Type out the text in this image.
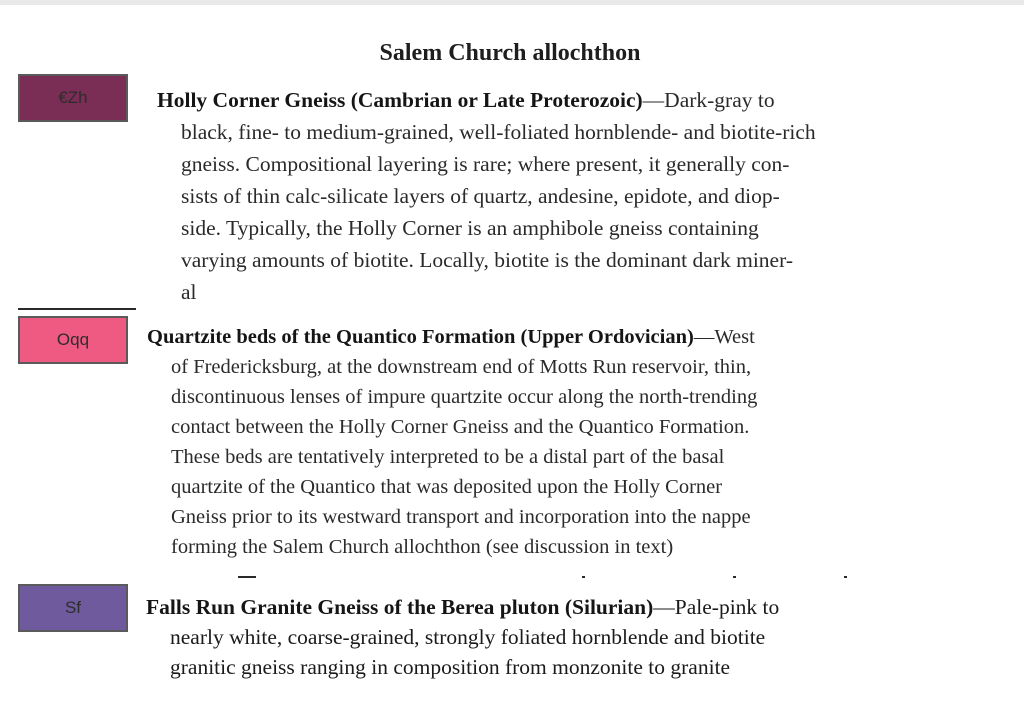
Salem Church allochthon
€Zh	Holly Corner Gneiss (Cambrian or Late Proterozoic)—Dark-gray to
black, fine- to medium-grained, well-foliated hornblende- and biotite-rich
gneiss. Compositional layering is rare; where present, it generally con-
sists of thin calc-silicate layers of quartz, andesine, epidote, and diop-
side. Typically, the Holly Corner is an amphibole gneiss containing
varying amounts of biotite. Locally, biotite is the dominant dark miner-
al
Oqq	Quartzite beds of the Quantico Formation (Upper Ordovician)—West
of Fredericksburg, at the downstream end of Motts Run reservoir, thin,
discontinuous lenses of impure quartzite occur along the north-trending
contact between the Holly Corner Gneiss and the Quantico Formation.
These beds are tentatively interpreted to be a distal part of the basal
quartzite of the Quantico that was deposited upon the Holly Corner
Gneiss prior to its westward transport and incorporation into the nappe
forming the Salem Church allochthon (see discussion in text)
Sf	Falls Run Granite Gneiss of the Berea pluton (Silurian)—Pale-pink to
nearly white, coarse-grained, strongly foliated hornblende and biotite
granitic gneiss ranging in composition from monzonite to granite
